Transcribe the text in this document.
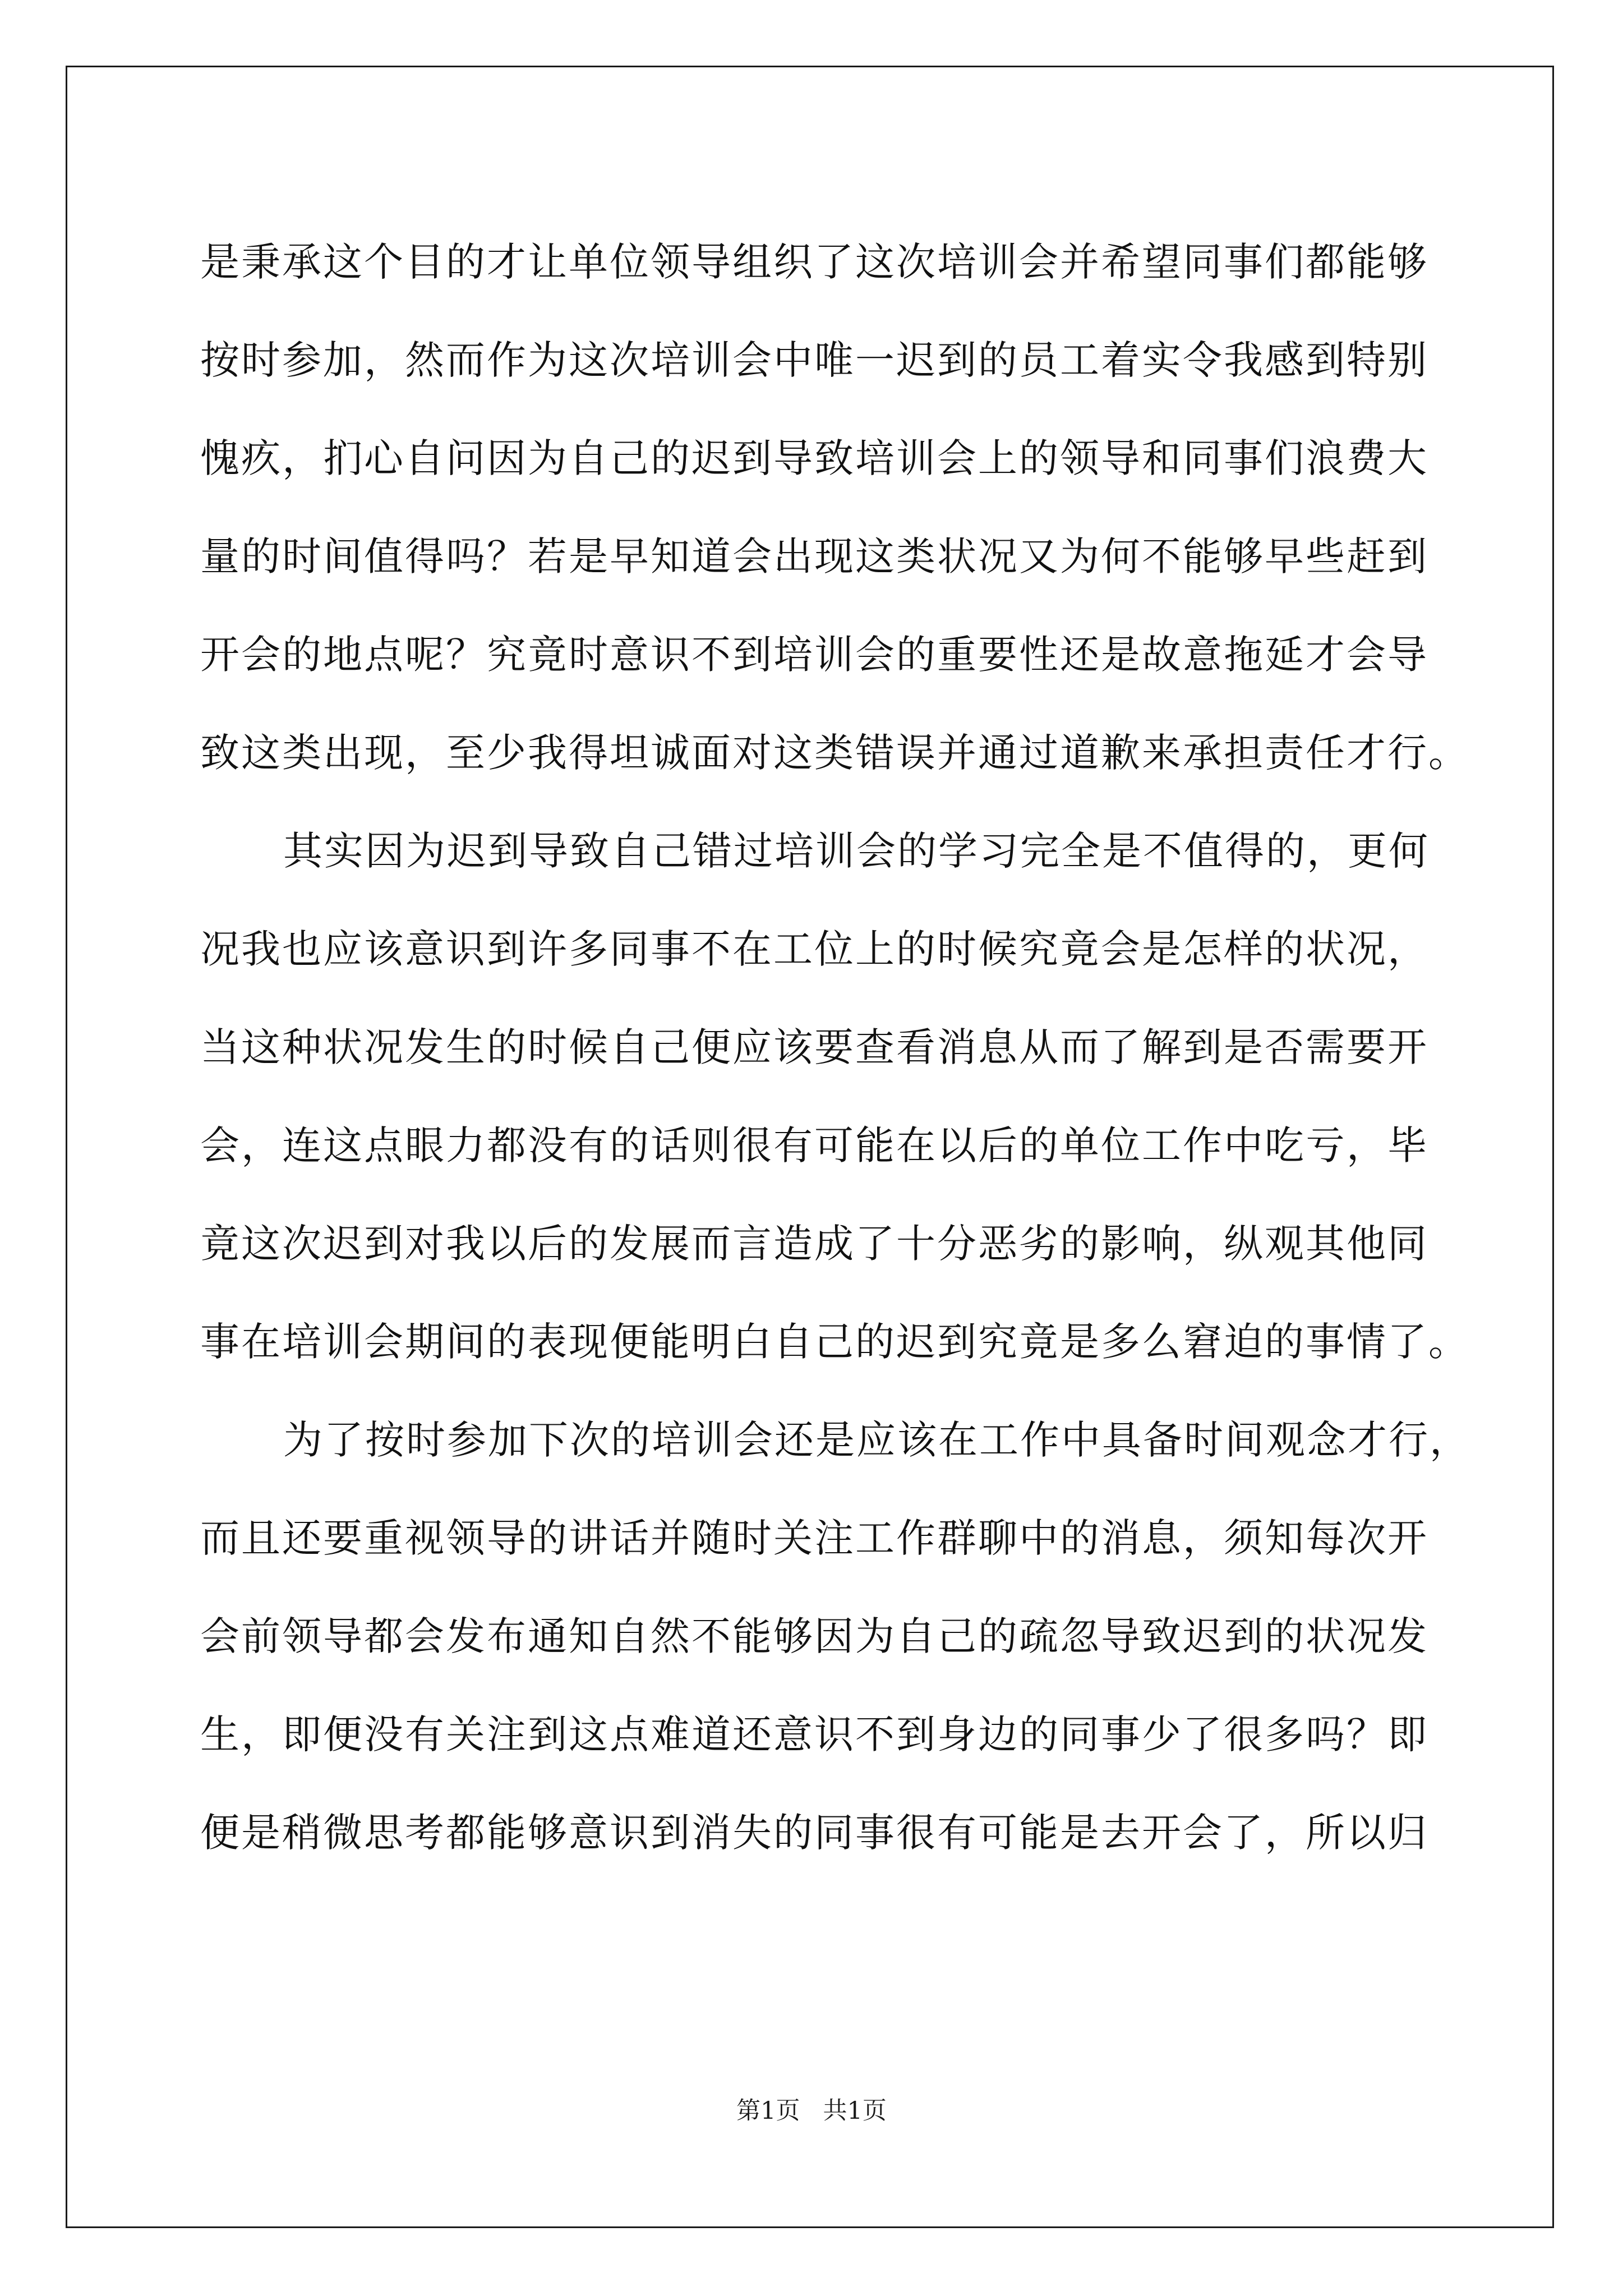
是秉承这个目的才让单位领导组织了这次培训会并希望同事们都能够
按时参加，然而作为这次培训会中唯一迟到的员工着实令我感到特别
愧疚，扪心自问因为自己的迟到导致培训会上的领导和同事们浪费大
量的时间值得吗？若是早知道会出现这类状况又为何不能够早些赶到
开会的地点呢？究竟时意识不到培训会的重要性还是故意拖延才会导
致这类出现，至少我得坦诚面对这类错误并通过道歉来承担责任才行。
其实因为迟到导致自己错过培训会的学习完全是不值得的，更何
况我也应该意识到许多同事不在工位上的时候究竟会是怎样的状况，
当这种状况发生的时候自己便应该要查看消息从而了解到是否需要开
会，连这点眼力都没有的话则很有可能在以后的单位工作中吃亏，毕
竟这次迟到对我以后的发展而言造成了十分恶劣的影响，纵观其他同
事在培训会期间的表现便能明白自己的迟到究竟是多么窘迫的事情了。
为了按时参加下次的培训会还是应该在工作中具备时间观念才行，
而且还要重视领导的讲话并随时关注工作群聊中的消息，须知每次开
会前领导都会发布通知自然不能够因为自己的疏忽导致迟到的状况发
生，即便没有关注到这点难道还意识不到身边的同事少了很多吗？即
便是稍微思考都能够意识到消失的同事很有可能是去开会了，所以归
第1页 共1页
